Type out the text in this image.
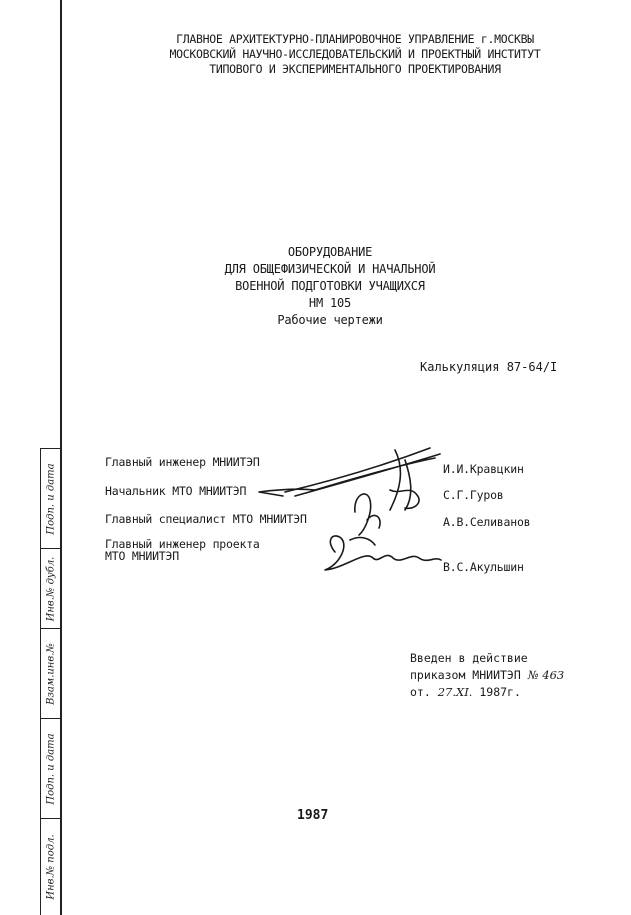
Подп. и дата
Инв.№ дубл.
Взам.инв.№
Подп. и дата
Инв.№ подл.
ГЛАВНОЕ АРХИТЕКТУРНО-ПЛАНИРОВОЧНОЕ УПРАВЛЕНИЕ г.МОСКВЫ
МОСКОВСКИЙ НАУЧНО-ИССЛЕДОВАТЕЛЬСКИЙ И ПРОЕКТНЫЙ ИНСТИТУТ
ТИПОВОГО И ЭКСПЕРИМЕНТАЛЬНОГО ПРОЕКТИРОВАНИЯ
ОБОРУДОВАНИЕ
ДЛЯ ОБЩЕФИЗИЧЕСКОЙ И НАЧАЛЬНОЙ
ВОЕННОЙ ПОДГОТОВКИ УЧАЩИХСЯ
НМ 105
Рабочие чертежи
Калькуляция 87-64/I
Главный инженер МНИИТЭП
Начальник МТО МНИИТЭП
Главный специалист МТО МНИИТЭП
Главный инженер проекта
МТО МНИИТЭП
И.И.Кравцкин
С.Г.Гуров
А.В.Селиванов
В.С.Акульшин
Введен в действие
приказом МНИИТЭП № 463
от. 27.XI. 1987г.
1987
